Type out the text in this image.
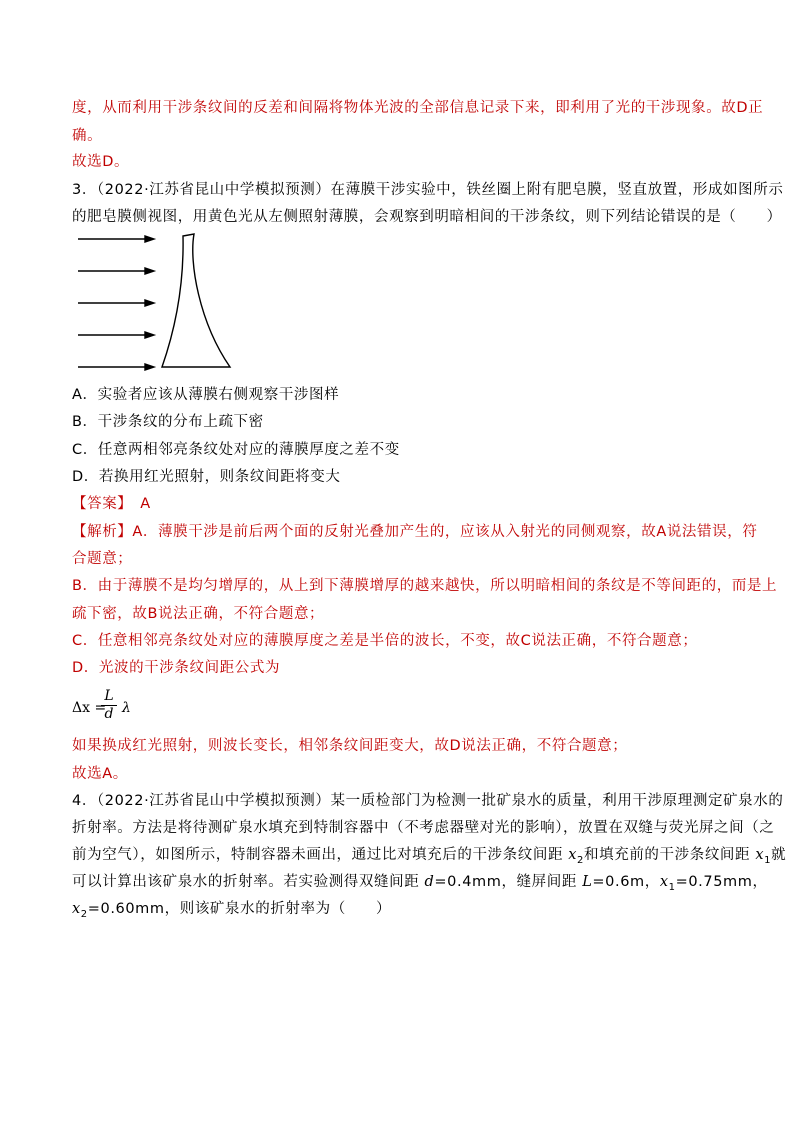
度，从而利用干涉条纹间的反差和间隔将物体光波的全部信息记录下来，即利用了光的干涉现象。故D正
确。
故选D。
3．（2022·江苏省昆山中学模拟预测）在薄膜干涉实验中，铁丝圈上附有肥皂膜，竖直放置，形成如图所示
的肥皂膜侧视图，用黄色光从左侧照射薄膜，会观察到明暗相间的干涉条纹，则下列结论错误的是（　　）
A．实验者应该从薄膜右侧观察干涉图样
B．干涉条纹的分布上疏下密
C．任意两相邻亮条纹处对应的薄膜厚度之差不变
D．若换用红光照射，则条纹间距将变大
【答案】　A
【解析】A．薄膜干涉是前后两个面的反射光叠加产生的，应该从入射光的同侧观察，故A说法错误，符
合题意；
B．由于薄膜不是均匀增厚的，从上到下薄膜增厚的越来越快，所以明暗相间的条纹是不等间距的，而是上
疏下密，故B说法正确，不符合题意；
C．任意相邻亮条纹处对应的薄膜厚度之差是半倍的波长，不变，故C说法正确，不符合题意；
D．光波的干涉条纹间距公式为
Δx =
L
d λ
如果换成红光照射，则波长变长，相邻条纹间距变大，故D说法正确，不符合题意；
故选A。
4．（2022·江苏省昆山中学模拟预测）某一质检部门为检测一批矿泉水的质量，利用干涉原理测定矿泉水的
折射率。方法是将待测矿泉水填充到特制容器中（不考虑器壁对光的影响），放置在双缝与荧光屏之间（之
前为空气），如图所示，特制容器未画出，通过比对填充后的干涉条纹间距 $x_2$和填充前的干涉条纹间距 $x_1$就
可以计算出该矿泉水的折射率。若实验测得双缝间距 d=0.4mm，缝屏间距 L=0.6m，$x_1=0.75mm$，
$x_2=0.60mm$，则该矿泉水的折射率为（　　）
